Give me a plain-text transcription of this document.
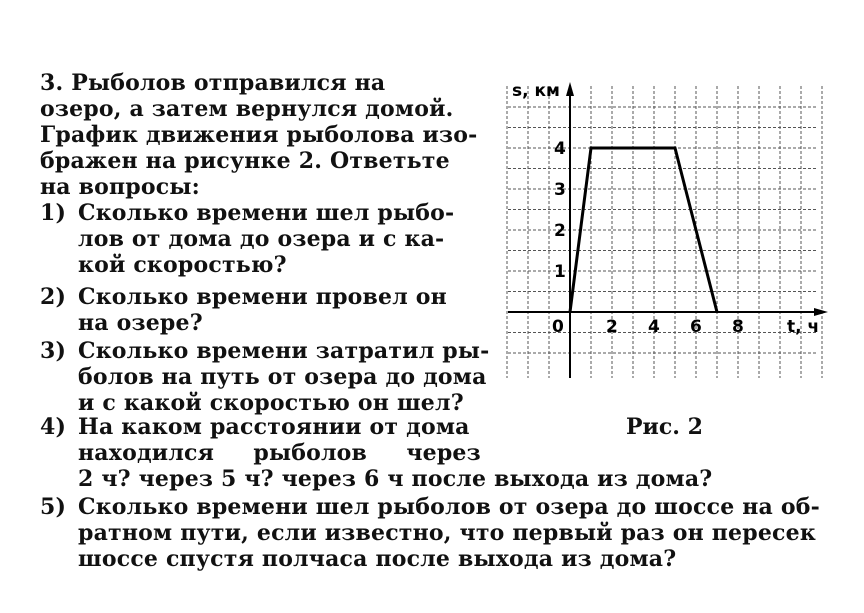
3. Рыболов отправился на
озеро, а затем вернулся домой.
График движения рыболова изо-
бражен на рисунке 2. Ответьте
на вопросы:
1) Сколько времени шел рыбо-
лов от дома до озера и с ка-
кой скоростью?
2) Сколько времени провел он
на озере?
3) Сколько времени затратил ры-
болов на путь от озера до дома
и с какой скоростью он шел?
4) На каком расстоянии от дома
находился     рыболов     через
2 ч? через 5 ч? через 6 ч после выхода из дома?
5) Сколько времени шел рыболов от озера до шоссе на об-
ратном пути, если известно, что первый раз он пересек
шоссе спустя полчаса после выхода из дома?
0 2 4 6 8
1
2
3
4
s, км
t, ч
Рис. 2
